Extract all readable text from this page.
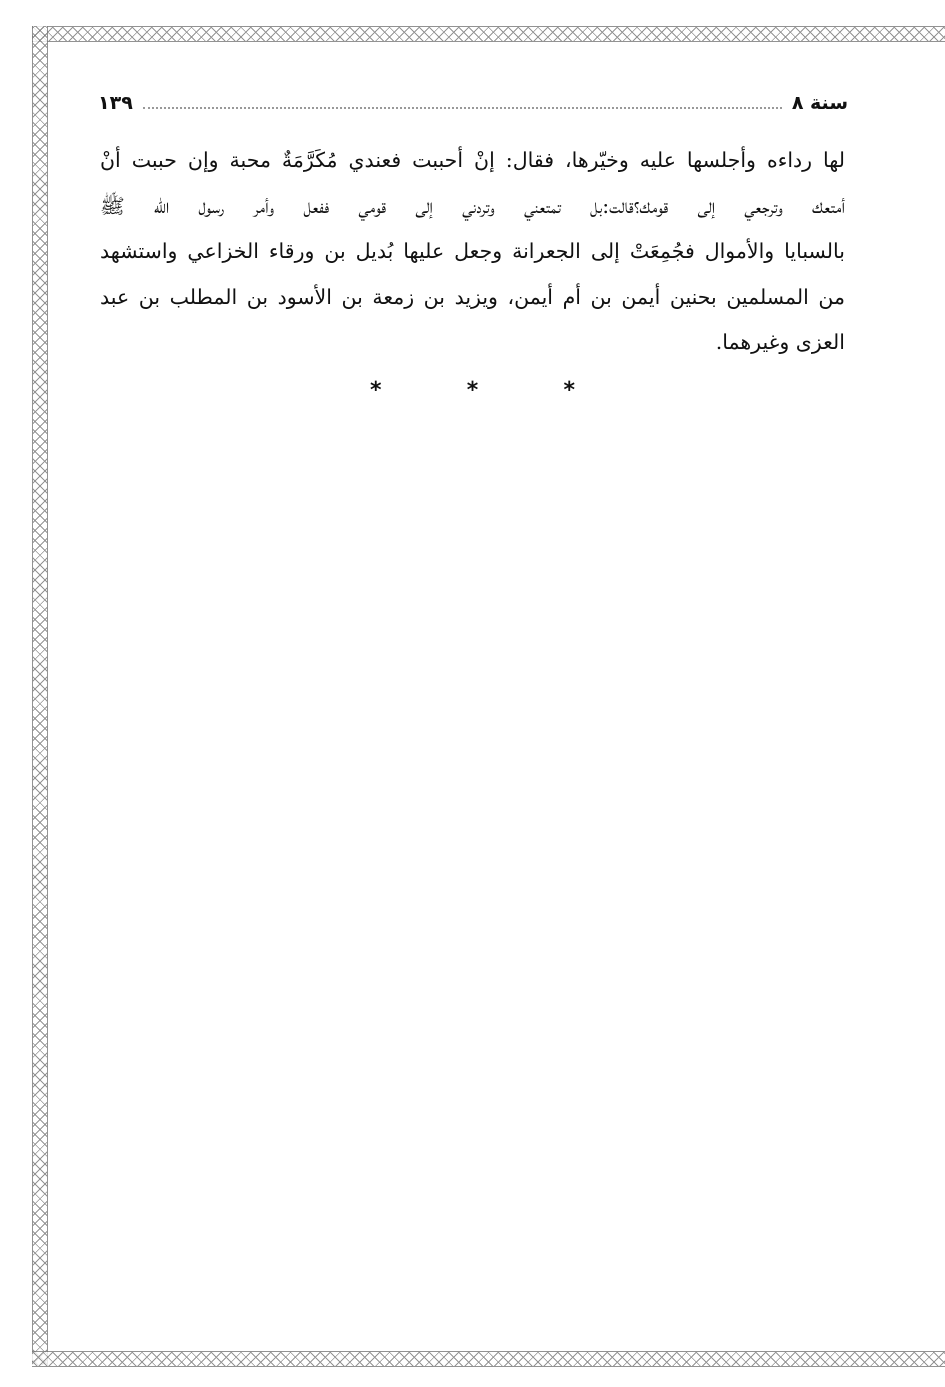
سنة ٨
١٣٩
لها رداءه وأجلسها عليه وخيّرها، فقال: إنْ أحببت فعندي مُكَرَّمَةٌ محبة وإن حببت أنْ
أمتعك وترجعي إلى قومك؟قالت:بل تمتعني وتردني إلى قومي ففعل وأمر رسول الله ﷺ
بالسبايا والأموال فجُمِعَتْ إلى الجعرانة وجعل عليها بُديل بن ورقاء الخزاعي واستشهد
من المسلمين بحنين أيمن بن أم أيمن، ويزيد بن زمعة بن الأسود بن المطلب بن عبد
العزى وغيرهما.
*	*	*
